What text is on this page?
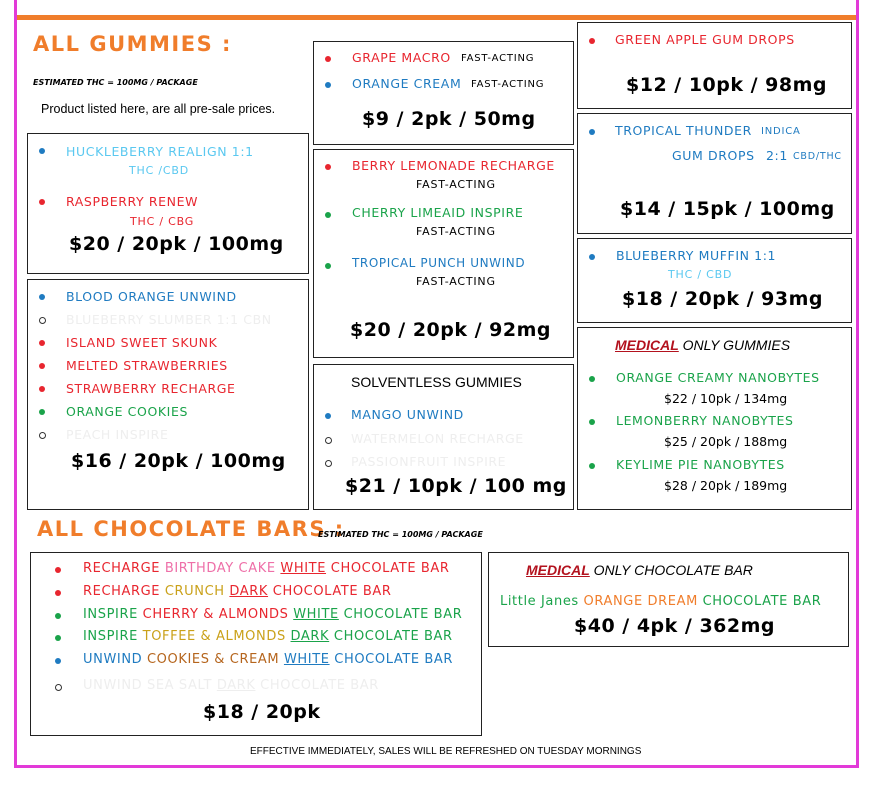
ALL GUMMIES :
ESTIMATED THC = 100MG / PACKAGE
Product listed here, are all pre-sale prices.
HUCKLEBERRY REALIGN 1:1
THC /CBD
RASPBERRY RENEW
THC / CBG
$20 / 20pk / 100mg
BLOOD ORANGE UNWIND
BLUEBERRY SLUMBER 1:1 CBN
ISLAND SWEET SKUNK
MELTED STRAWBERRIES
STRAWBERRY RECHARGE
ORANGE COOKIES
PEACH INSPIRE
$16 / 20pk / 100mg
GRAPE MACRO FAST-ACTING
ORANGE CREAM FAST-ACTING
$9 / 2pk / 50mg
BERRY LEMONADE RECHARGE
FAST-ACTING
CHERRY LIMEAID INSPIRE
FAST-ACTING
TROPICAL PUNCH UNWIND
FAST-ACTING
$20 / 20pk / 92mg
SOLVENTLESS GUMMIES
MANGO UNWIND
WATERMELON RECHARGE
PASSIONFRUIT INSPIRE
$21 / 10pk / 100 mg
GREEN APPLE GUM DROPS
$12 / 10pk / 98mg
TROPICAL THUNDER INDICA
GUM DROPS 2:1 CBD/THC
$14 / 15pk / 100mg
BLUEBERRY MUFFIN 1:1
THC / CBD
$18 / 20pk / 93mg
MEDICAL ONLY GUMMIES
ORANGE CREAMY NANOBYTES
$22 / 10pk / 134mg
LEMONBERRY NANOBYTES
$25 / 20pk / 188mg
KEYLIME PIE NANOBYTES
$28 / 20pk / 189mg
ALL CHOCOLATE BARS :
ESTIMATED THC = 100MG / PACKAGE
RECHARGE BIRTHDAY CAKE WHITE CHOCOLATE BAR
RECHARGE CRUNCH DARK CHOCOLATE BAR
INSPIRE CHERRY & ALMONDS WHITE CHOCOLATE BAR
INSPIRE TOFFEE & ALMONDS DARK CHOCOLATE BAR
UNWIND COOKIES & CREAM WHITE CHOCOLATE BAR
UNWIND SEA SALT DARK CHOCOLATE BAR
$18 / 20pk
MEDICAL ONLY CHOCOLATE BAR
Little Janes ORANGE DREAM CHOCOLATE BAR
$40 / 4pk / 362mg
EFFECTIVE IMMEDIATELY, SALES WILL BE REFRESHED ON TUESDAY MORNINGS
